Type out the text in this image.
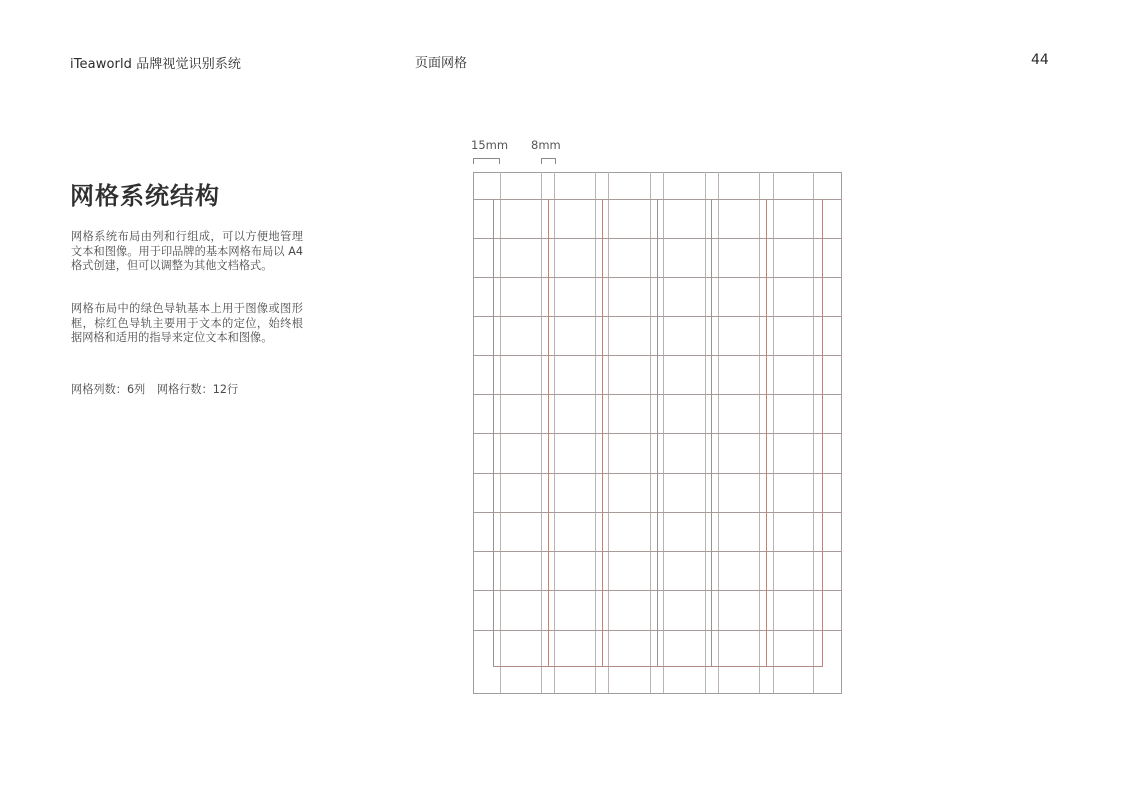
iTeaworld 品牌视觉识别系统	页面网格	44
网格系统结构

网格系统布局由列和行组成，可以方便地管理文本和图像。用于印品牌的基本网格布局以 A4 格式创建，但可以调整为其他文档格式。

网格布局中的绿色导轨基本上用于图像或图形框，棕红色导轨主要用于文本的定位，始终根据网格和适用的指导来定位文本和图像。

网格列数：6列 网格行数：12行
15mm 8mm
